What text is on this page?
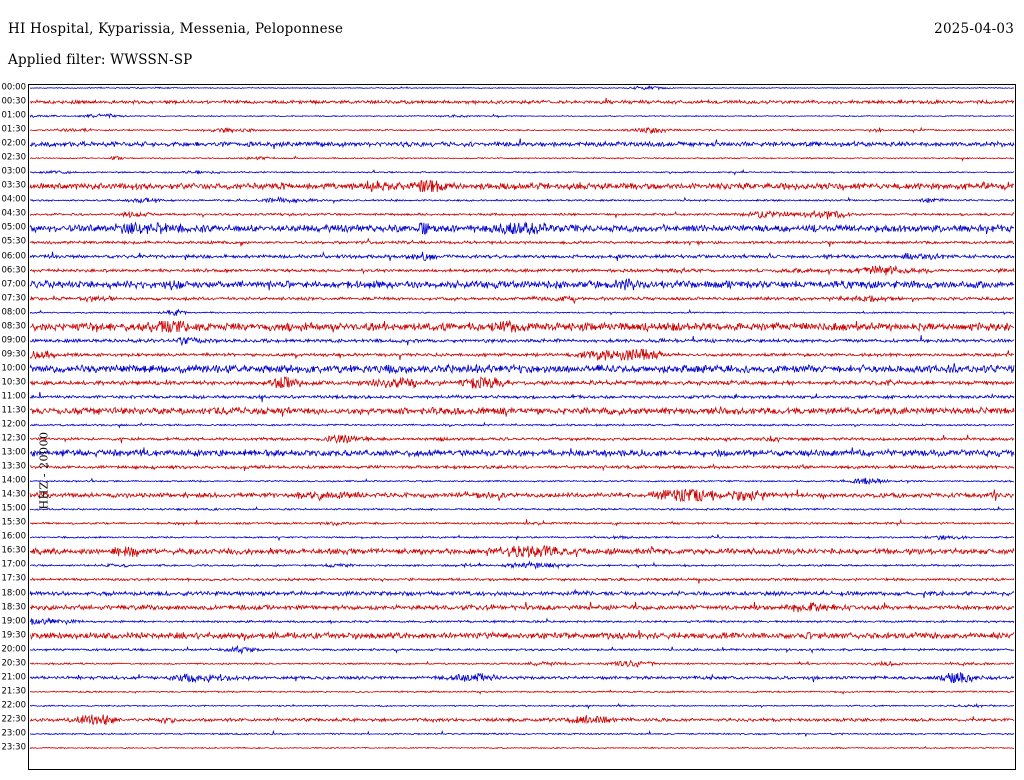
HI Hospital, Kyparissia, Messenia, Peloponnese	2025-04-03
Applied filter: WWSSN-SP
00:00
00:30
01:00
01:30
02:00
02:30
03:00
03:30
04:00
04:30
05:00
05:30
06:00
06:30
07:00
07:30
08:00
08:30
09:00
09:30
10:00
10:30
11:00
11:30
12:00
12:30
13:00
13:30
14:00
14:30
15:00
15:30
16:00
16:30
17:00
17:30
18:00
18:30
19:00
19:30
20:00
20:30
21:00
21:30
22:00
22:30
23:00
23:30
HHZ - 20000
